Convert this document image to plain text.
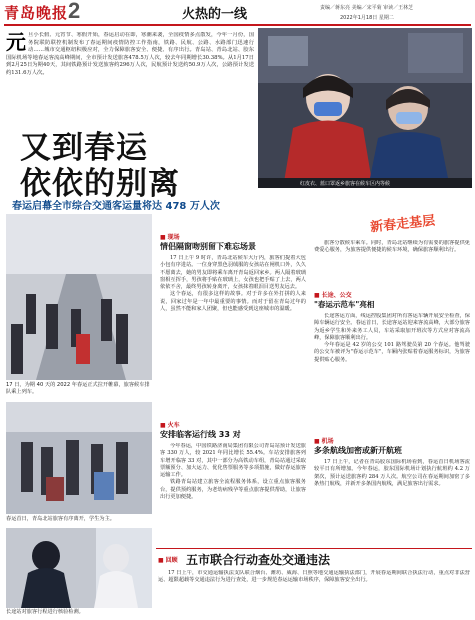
青岛晚报 2	火热的一线	责编／蒋东亮 美编／宋平菊 审读／王林芝
2022年1月18日 星期二
元旦小长假、元宵节、寒假开始，春运启动在即，寒潮来袭，全国疫情多点散发，今年一月份，国务院联防联控机制发布了春运期间疫情防控工作指南，铁路、民航、公路、水路部门迅速行动……城市交通枢纽积极应对，全力保障旅客安全、便捷、有序出行。青岛站、青岛北站、胶东国际机场等地春运客流高峰期间，全市预计发送旅客478.5万人次，较去年同期增长30.38%。从1月17日到2月25日为期40天，其间铁路预计发送旅客约296万人次，民航预计发送约50.9万人次，公路预计发送约131.6万人次。
红皮衣、蓝口罩返乡旅客在候车区内等候
又到春运
依依的别离
春运启幕全市综合交通客运量将达 478 万人次
新春走基层
17 日，为期 40 天的 2022 年春运正式拉开帷幕，旅客候车排队乘上列车。
春运首日，青岛北站旅客有序离开，学生为主。
长途站对旅客行程进行核验检测。
■ 现场
情侣隔窗吻别留下难忘场景

17 日上午 9 时许，青岛北站候车大厅内，旅客们提着大包小包有序进站。一位身穿黑色羽绒服的女孩站在闸机口外，久久不愿离去，她的男友即将乘车离开青岛返回家乡。两人隔着玻璃窗相互挥手，男孩将手贴在玻璃上，女孩也把手贴了上去，两人依依不舍，最终男孩转身离开，女孩抹着眼泪目送男友远去。

这个春运，有很多这样的故事。对于许多在外打拼的人来说，回家过年是一年中最重要的事情。而对于留在青岛过年的人，虽然不能和家人团聚，但也能感受到这座城市的温暖。

■ 火车
安排临客运行线 33 对

今年春运，中国铁路济南局集团有限公司青岛站预计发送旅客 330 万人，较 2021 年同比增长 55.4%。车站安排旅客列车增开临客 33 对，其中一部分为高铁动车组，青岛站通过采取票额预分、加大运力、优化售票服务等多项措施，做好春运旅客运输工作。

铁路青岛站建立旅客全流程服务体系，设立重点旅客服务台，提供预约服务，为老幼病残孕等重点旅客提供帮助，让旅客出行更加便捷。

旅客分散候车乘车。同时，青岛北站继续为有需要的旅客提供免费爱心服务，为旅客提供便捷的候车环境，确保旅客顺利出行。

■ 长途、公交
"春运示范车"亮相

长途客运方面，线运控股集团对所有客运车辆开展安全检查，保障车辆运行安全。春运首日，长途客运站迎来客流高峰，大部分旅客为返乡学生和外来务工人员，车站采取加开班次等方式应对客流高峰，保障旅客顺利出行。

今年春运是 42 岁的公交 101 路驾驶员第 20 个春运。他驾驶的公交车被评为"春运示范车"，车厢内张贴着春运服务标识，为旅客提供贴心服务。

■ 机场
多条航线加密或新开航班

17 日上午，记者在青岛胶东国际机场看到，春运首日机场客流较平日有所增加。今年春运，胶东国际机场计划执行航班约 4.2 万架次，预计运送旅客约 284 万人次。航空公司在春运期间加密了多条热门航线，并新开多条国内航线，满足旅客出行需求。

■ 回顾 五市联合行动查处交通违法

17 日上午，市交通运输执法支队联合烟台、潍坊、威海、日照等地交通运输执法部门，开展春运期间联合执法行动，重点对非法营运、超限超载等交通违法行为进行查处，进一步规范春运运输市场秩序，保障旅客安全出行。
